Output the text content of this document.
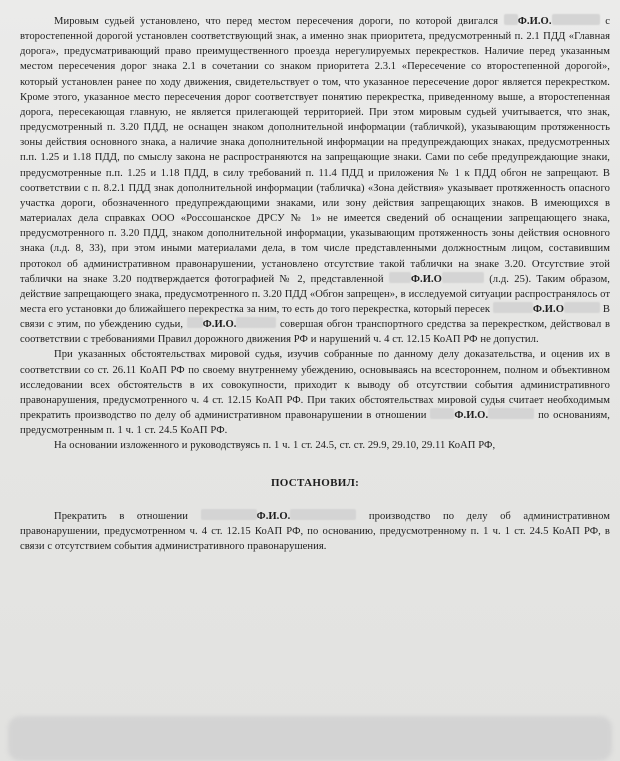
Мировым судьей установлено, что перед местом пересечения дороги, по которой двигался Ф.И.О.	с второстепенной дорогой установлен соответствующий знак, а именно знак приоритета, предусмотренный п. 2.1 ПДД «Главная дорога», предусматривающий право преимущественного проезда нерегулируемых перекрестков. Наличие перед указанным местом пересечения дорог знака 2.1 в сочетании со знаком приоритета 2.3.1 «Пересечение со второстепенной дорогой», который установлен ранее по ходу движения, свидетельствует о том, что указанное пересечение дорог является перекрестком. Кроме этого, указанное место пересечения дорог соответствует понятию перекрестка, приведенному выше, а второстепенная дорога, пересекающая главную, не является прилегающей территорией. При этом мировым судьей учитывается, что знак, предусмотренный п. 3.20 ПДД, не оснащен знаком дополнительной информации (табличкой), указывающим протяженность зоны действия основного знака, а наличие знака дополнительной информации на предупреждающих знаках, предусмотренных п.п. 1.25 и 1.18 ПДД, по смыслу закона не распространяются на запрещающие знаки. Сами по себе предупреждающие знаки, предусмотренные п.п. 1.25 и 1.18 ПДД, в силу требований п. 11.4 ПДД и приложения № 1 к ПДД обгон не запрещают. В соответствии с п. 8.2.1 ПДД знак дополнительной информации (табличка) «Зона действия» указывает протяженность опасного участка дороги, обозначенного предупреждающими знаками, или зону действия запрещающих знаков. В имеющихся в материалах дела справках ООО «Россошанское ДРСУ № 1» не имеется сведений об оснащении запрещающего знака, предусмотренного п. 3.20 ПДД, знаком дополнительной информации, указывающим протяженность зоны действия основного знака (л.д. 8, 33), при этом иными материалами дела, в том числе представленными должностным лицом, составившим протокол об административном правонарушении, установлено отсутствие такой таблички на знаке 3.20. Отсутствие этой таблички на знаке 3.20 подтверждается фотографией № 2, представленной Ф.И.О	(л.д. 25). Таким образом, действие запрещающего знака, предусмотренного п. 3.20 ПДД «Обгон запрещен», в исследуемой ситуации распространялось от места его установки до ближайшего перекрестка за ним, то есть до того перекрестка, который пересек	Ф.И.О	В связи с этим, по убеждению судьи, Ф.И.О.	совершая обгон транспортного средства за перекрестком, действовал в соответствии с требованиями Правил дорожного движения РФ и нарушений ч. 4 ст. 12.15 КоАП РФ не допустил.

При указанных обстоятельствах мировой судья, изучив собранные по данному делу доказательства, и оценив их в соответствии со ст. 26.11 КоАП РФ по своему внутреннему убеждению, основываясь на всестороннем, полном и объективном исследовании всех обстоятельств в их совокупности, приходит к выводу об отсутствии события административного правонарушения, предусмотренного ч. 4 ст. 12.15 КоАП РФ. При таких обстоятельствах мировой судья считает необходимым прекратить производство по делу об административном правонарушении в отношении Ф.И.О.	по основаниям, предусмотренным п. 1 ч. 1 ст. 24.5 КоАП РФ.

На основании изложенного и руководствуясь п. 1 ч. 1 ст. 24.5, ст. ст. 29.9, 29.10, 29.11 КоАП РФ,

ПОСТАНОВИЛ:

Прекратить в отношении	Ф.И.О.	производство по делу об административном правонарушении, предусмотренном ч. 4 ст. 12.15 КоАП РФ, по основанию, предусмотренному п. 1 ч. 1 ст. 24.5 КоАП РФ, в связи с отсутствием события административного правонарушения.
